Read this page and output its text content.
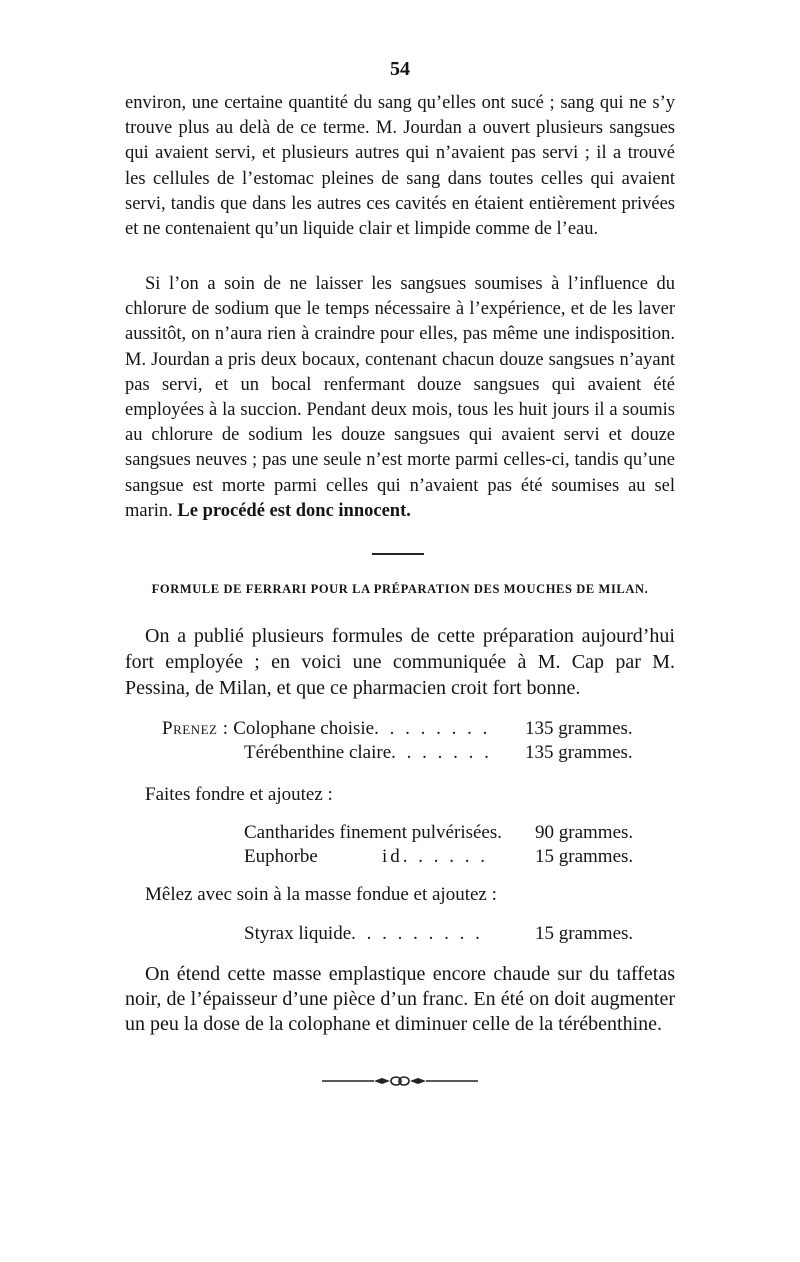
54

environ, une certaine quantité du sang qu’elles ont sucé ; sang qui ne s’y trouve plus au delà de ce terme. M. Jourdan a ouvert plusieurs sangsues qui avaient servi, et plusieurs autres qui n’avaient pas servi ; il a trouvé les cellules de l’estomac pleines de sang dans toutes celles qui avaient servi, tandis que dans les autres ces cavités en étaient entièrement privées et ne contenaient qu’un liquide clair et limpide comme de l’eau.

Si l’on a soin de ne laisser les sangsues soumises à l’influence du chlorure de sodium que le temps nécessaire à l’expérience, et de les laver aussitôt, on n’aura rien à craindre pour elles, pas même une indisposition. M. Jourdan a pris deux bocaux, contenant chacun douze sangsues n’ayant pas servi, et un bocal renfermant douze sangsues qui avaient été employées à la succion. Pendant deux mois, tous les huit jours il a soumis au chlorure de sodium les douze sangsues qui avaient servi et douze sangsues neuves ; pas une seule n’est morte parmi celles-ci, tandis qu’une sangsue est morte parmi celles qui n’avaient pas été soumises au sel marin. Le procédé est donc innocent.

FORMULE DE FERRARI POUR LA PRÉPARATION DES MOUCHES DE MILAN.

On a publié plusieurs formules de cette préparation aujourd’hui fort employée ; en voici une communiquée à M. Cap par M. Pessina, de Milan, et que ce pharmacien croit fort bonne.

Prenez : Colophane choisie. . . . . . . . 135 grammes.
Térébenthine claire. . . . . . . 135 grammes.
Faites fondre et ajoutez :
Cantharides finement pulvérisées. 90 grammes.
Euphorbe	id. . . . . . 15 grammes.
Mêlez avec soin à la masse fondue et ajoutez :
Styrax liquide. . . . . . . . .	15 grammes.

On étend cette masse emplastique encore chaude sur du taffetas noir, de l’épaisseur d’une pièce d’un franc. En été on doit augmenter un peu la dose de la colophane et diminuer celle de la térébenthine.
